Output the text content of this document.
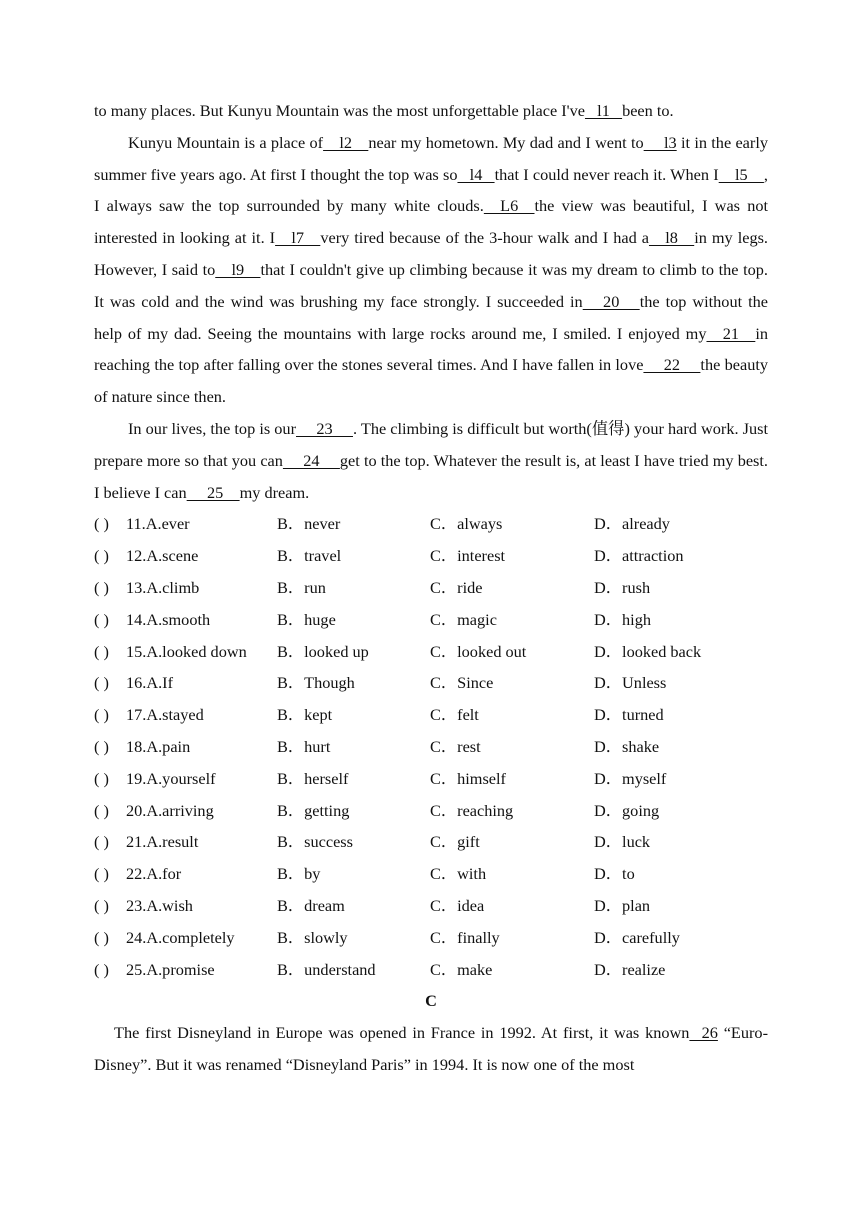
to many places. But Kunyu Mountain was the most unforgettable place I've   l1   been to.

Kunyu Mountain is a place of    l2    near my hometown. My dad and I went to     l3 it in the early summer five years ago. At first I thought the top was so   l4   that I could never reach it. When I    l5    , I always saw the top surrounded by many white clouds.    L6    the view was beautiful, I was not interested in looking at it. I    l7    very tired because of the 3-hour walk and I had a    l8    in my legs. However, I said to    l9    that I couldn't give up climbing because it was my dream to climb to the top. It was cold and the wind was brushing my face strongly. I succeeded in     20     the top without the help of my dad. Seeing the mountains with large rocks around me, I smiled. I enjoyed my    21    in reaching the top after falling over the stones several times. And I have fallen in love     22     the beauty of nature since then.

In our lives, the top is our     23     . The climbing is difficult but worth(值得) your hard work. Just prepare more so that you can     24     get to the top. Whatever the result is, at least I have tried my best. I believe I can     25    my dream.

( ) 11.A.ever	B．never	C．always	D．already
( ) 12.A.scene	B．travel	C．interest	D．attraction
( ) 13.A.climb	B．run	C．ride	D．rush
( ) 14.A.smooth	B．huge	C．magic	D．high
( ) 15.A.looked down B．looked up	C．looked out	D．looked back
( ) 16.A.If	B．Though	C．Since	D．Unless
( ) 17.A.stayed	B．kept	C．felt	D．turned
( ) 18.A.pain	B．hurt	C．rest	D．shake
( ) 19.A.yourself	B．herself	C．himself	D．myself
( ) 20.A.arriving	B．getting	C．reaching	D．going
( ) 21.A.result	B．success	C．gift	D．luck
( ) 22.A.for	B．by	C．with	D．to
( ) 23.A.wish	B．dream	C．idea	D．plan
( ) 24.A.completely	B．slowly	C．finally	D．carefully
( ) 25.A.promise	B．understand	C．make	D．realize
C

The first Disneyland in Europe was opened in France in 1992. At first, it was known   26 “Euro-Disney”. But it was renamed “Disneyland Paris” in 1994. It is now one of the most
